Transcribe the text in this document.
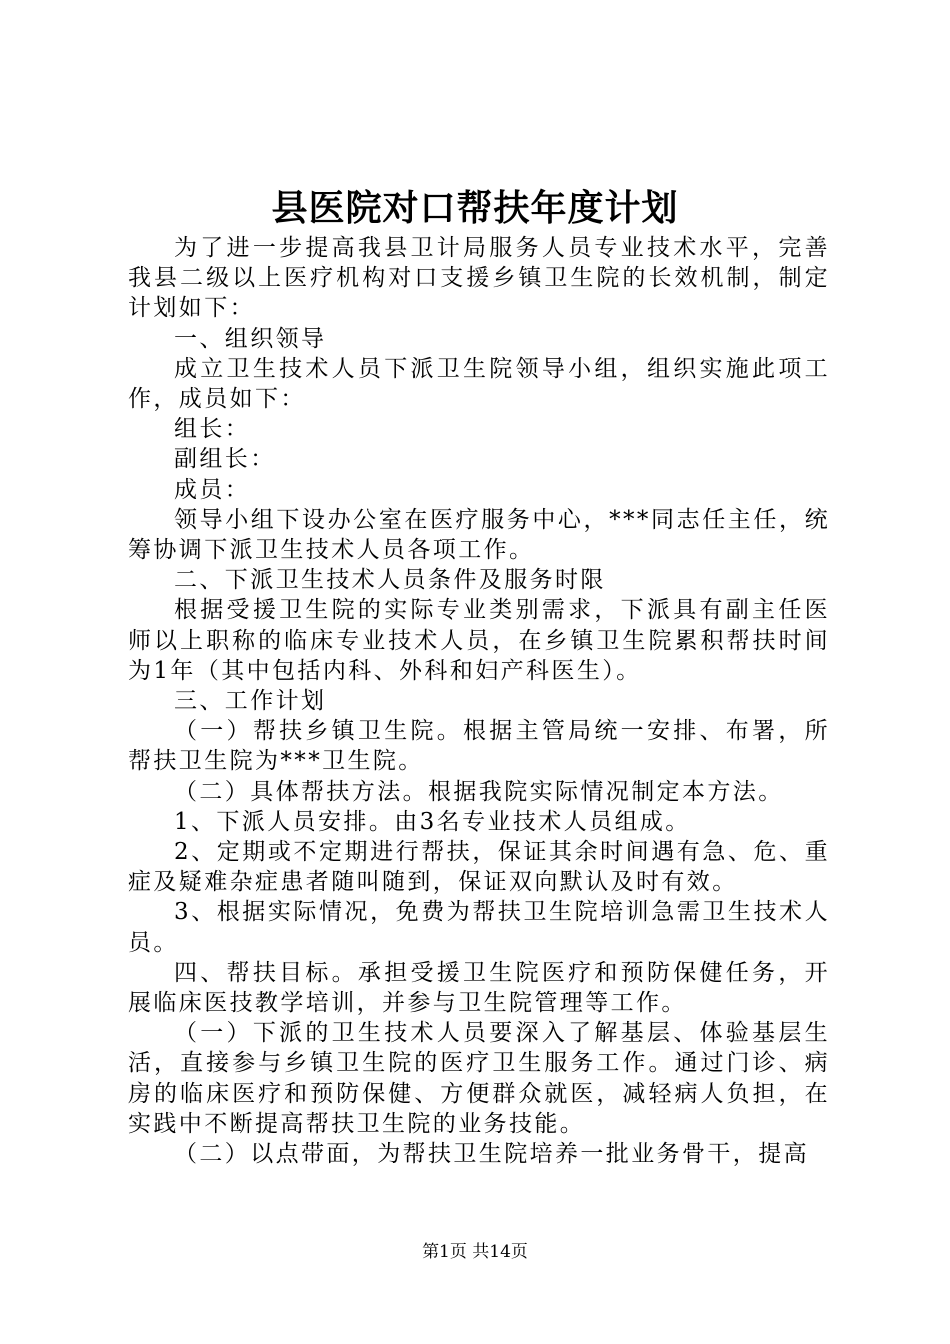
县医院对口帮扶年度计划

为了进一步提高我县卫计局服务人员专业技术水平，完善我县二级以上医疗机构对口支援乡镇卫生院的长效机制，制定计划如下：

一、组织领导

成立卫生技术人员下派卫生院领导小组，组织实施此项工作，成员如下：

组长：

副组长：

成员：

领导小组下设办公室在医疗服务中心，***同志任主任，统筹协调下派卫生技术人员各项工作。

二、下派卫生技术人员条件及服务时限

根据受援卫生院的实际专业类别需求，下派具有副主任医师以上职称的临床专业技术人员，在乡镇卫生院累积帮扶时间为1年（其中包括内科、外科和妇产科医生）。

三、工作计划

（一）帮扶乡镇卫生院。根据主管局统一安排、布署，所帮扶卫生院为***卫生院。

（二）具体帮扶方法。根据我院实际情况制定本方法。

1、下派人员安排。由3名专业技术人员组成。

2、定期或不定期进行帮扶，保证其余时间遇有急、危、重症及疑难杂症患者随叫随到，保证双向默认及时有效。

3、根据实际情况，免费为帮扶卫生院培训急需卫生技术人员。

四、帮扶目标。承担受援卫生院医疗和预防保健任务，开展临床医技教学培训，并参与卫生院管理等工作。

（一）下派的卫生技术人员要深入了解基层、体验基层生活，直接参与乡镇卫生院的医疗卫生服务工作。通过门诊、病房的临床医疗和预防保健、方便群众就医，减轻病人负担，在实践中不断提高帮扶卫生院的业务技能。

（二）以点带面，为帮扶卫生院培养一批业务骨干，提高

第1页 共14页
